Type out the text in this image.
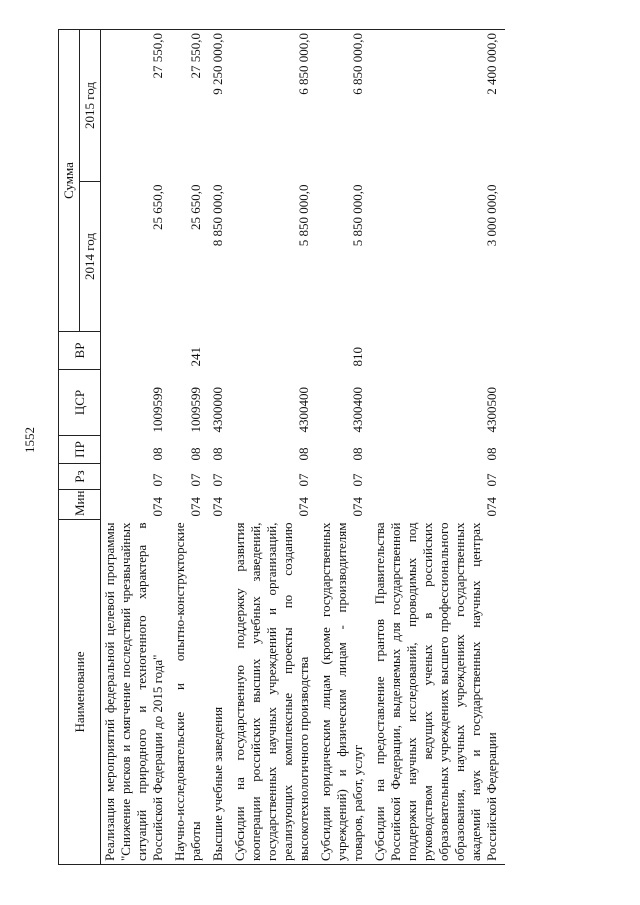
1552
Наименование	Мин	Рз	ПР	ЦСР	ВР	Сумма	
						2014 год	2015 год
Реализация мероприятий федеральной целевой программы "Снижение рисков и смягчение последствий чрезвычайных ситуаций природного и техногенного характера в Российской Федерации до 2015 года"	074	07	08	1009599		25 650,0	27 550,0
Научно-исследовательские и опытно-конструкторские работы	074	07	08	1009599	241	25 650,0	27 550,0
Высшие учебные заведения	074	07	08	4300000		8 850 000,0	9 250 000,0
Субсидии на государственную поддержку развития кооперации российских высших учебных заведений, государственных научных учреждений и организаций, реализующих комплексные проекты по созданию высокотехнологичного производства	074	07	08	4300400		5 850 000,0	6 850 000,0
Субсидии юридическим лицам (кроме государственных учреждений) и физическим лицам - производителям товаров, работ, услуг	074	07	08	4300400	810	5 850 000,0	6 850 000,0
Субсидии на предоставление грантов Правительства Российской Федерации, выделяемых для государственной поддержки научных исследований, проводимых под руководством ведущих ученых в российских образовательных учреждениях высшего профессионального образования, научных учреждениях государственных академий наук и государственных научных центрах Российской Федерации	074	07	08	4300500		3 000 000,0	2 400 000,0
